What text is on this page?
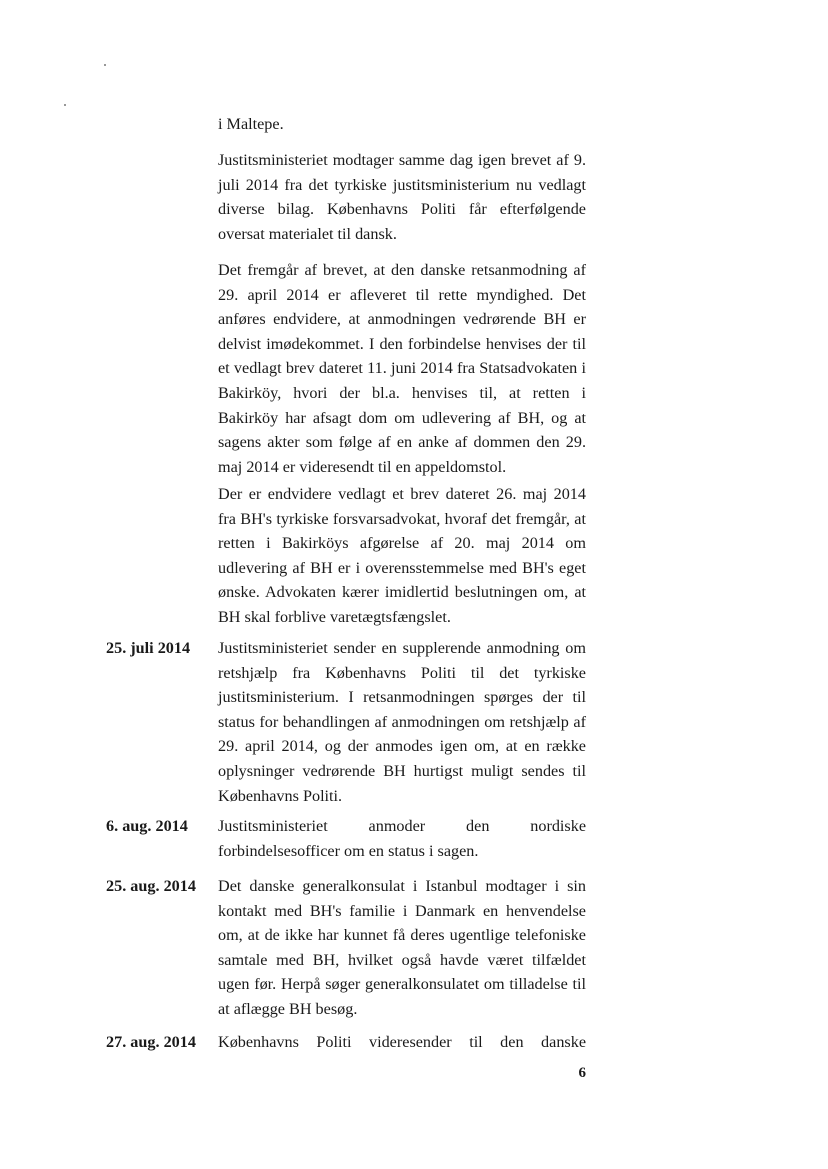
i Maltepe.

Justitsministeriet modtager samme dag igen brevet af 9. juli 2014 fra det tyrkiske justitsministerium nu vedlagt diverse bilag. Københavns Politi får efterfølgende oversat materialet til dansk.

Det fremgår af brevet, at den danske retsanmodning af 29. april 2014 er afleveret til rette myndighed. Det anføres endvidere, at anmodningen vedrørende BH er delvist imødekommet. I den forbindelse henvises der til et vedlagt brev dateret 11. juni 2014 fra Statsadvokaten i Bakirköy, hvori der bl.a. henvises til, at retten i Bakirköy har afsagt dom om udlevering af BH, og at sagens akter som følge af en anke af dommen den 29. maj 2014 er videresendt til en appeldomstol.

Der er endvidere vedlagt et brev dateret 26. maj 2014 fra BH's tyrkiske forsvarsadvokat, hvoraf det fremgår, at retten i Bakirköys afgørelse af 20. maj 2014 om udlevering af BH er i overensstemmelse med BH's eget ønske. Advokaten kærer imidlertid beslutningen om, at BH skal forblive varetægtsfængslet.

25. juli 2014	Justitsministeriet sender en supplerende anmodning om retshjælp fra Københavns Politi til det tyrkiske justitsministerium. I retsanmodningen spørges der til status for behandlingen af anmodningen om retshjælp af 29. april 2014, og der anmodes igen om, at en række oplysninger vedrørende BH hurtigst muligt sendes til Københavns Politi.
6. aug. 2014	Justitsministeriet anmoder den nordiske forbindelsesofficer om en status i sagen.
25. aug. 2014	Det danske generalkonsulat i Istanbul modtager i sin kontakt med BH's familie i Danmark en henvendelse om, at de ikke har kunnet få deres ugentlige telefoniske samtale med BH, hvilket også havde været tilfældet ugen før. Herpå søger generalkonsulatet om tilladelse til at aflægge BH besøg.
27. aug. 2014	Københavns Politi videresender til den danske
6
